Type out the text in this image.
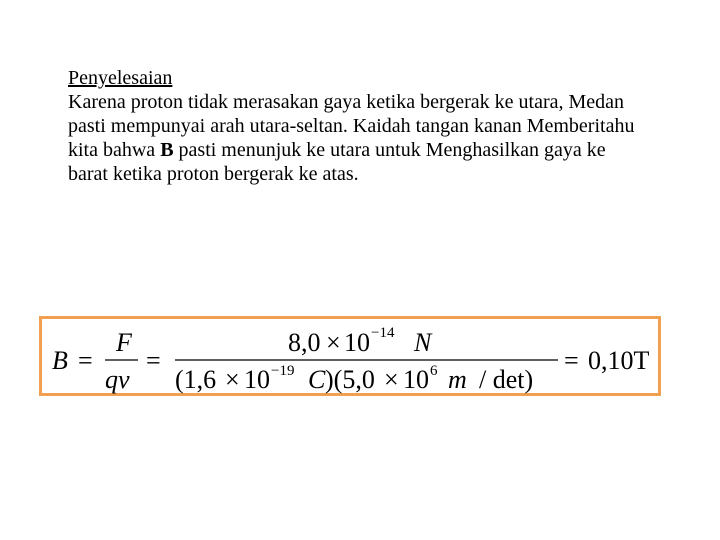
Penyelesaian
Karena proton tidak merasakan gaya ketika bergerak ke utara, Medan pasti mempunyai arah utara-seltan. Kaidah tangan kanan Memberitahu kita bahwa B pasti menunjuk ke utara untuk Menghasilkan gaya ke barat ketika proton bergerak ke atas.
B =
F
qv
=
8,0 × 10 −14 N
(1,6 × 10 −19 C )(5,0 × 10 6 m / det)
= 0,10T
